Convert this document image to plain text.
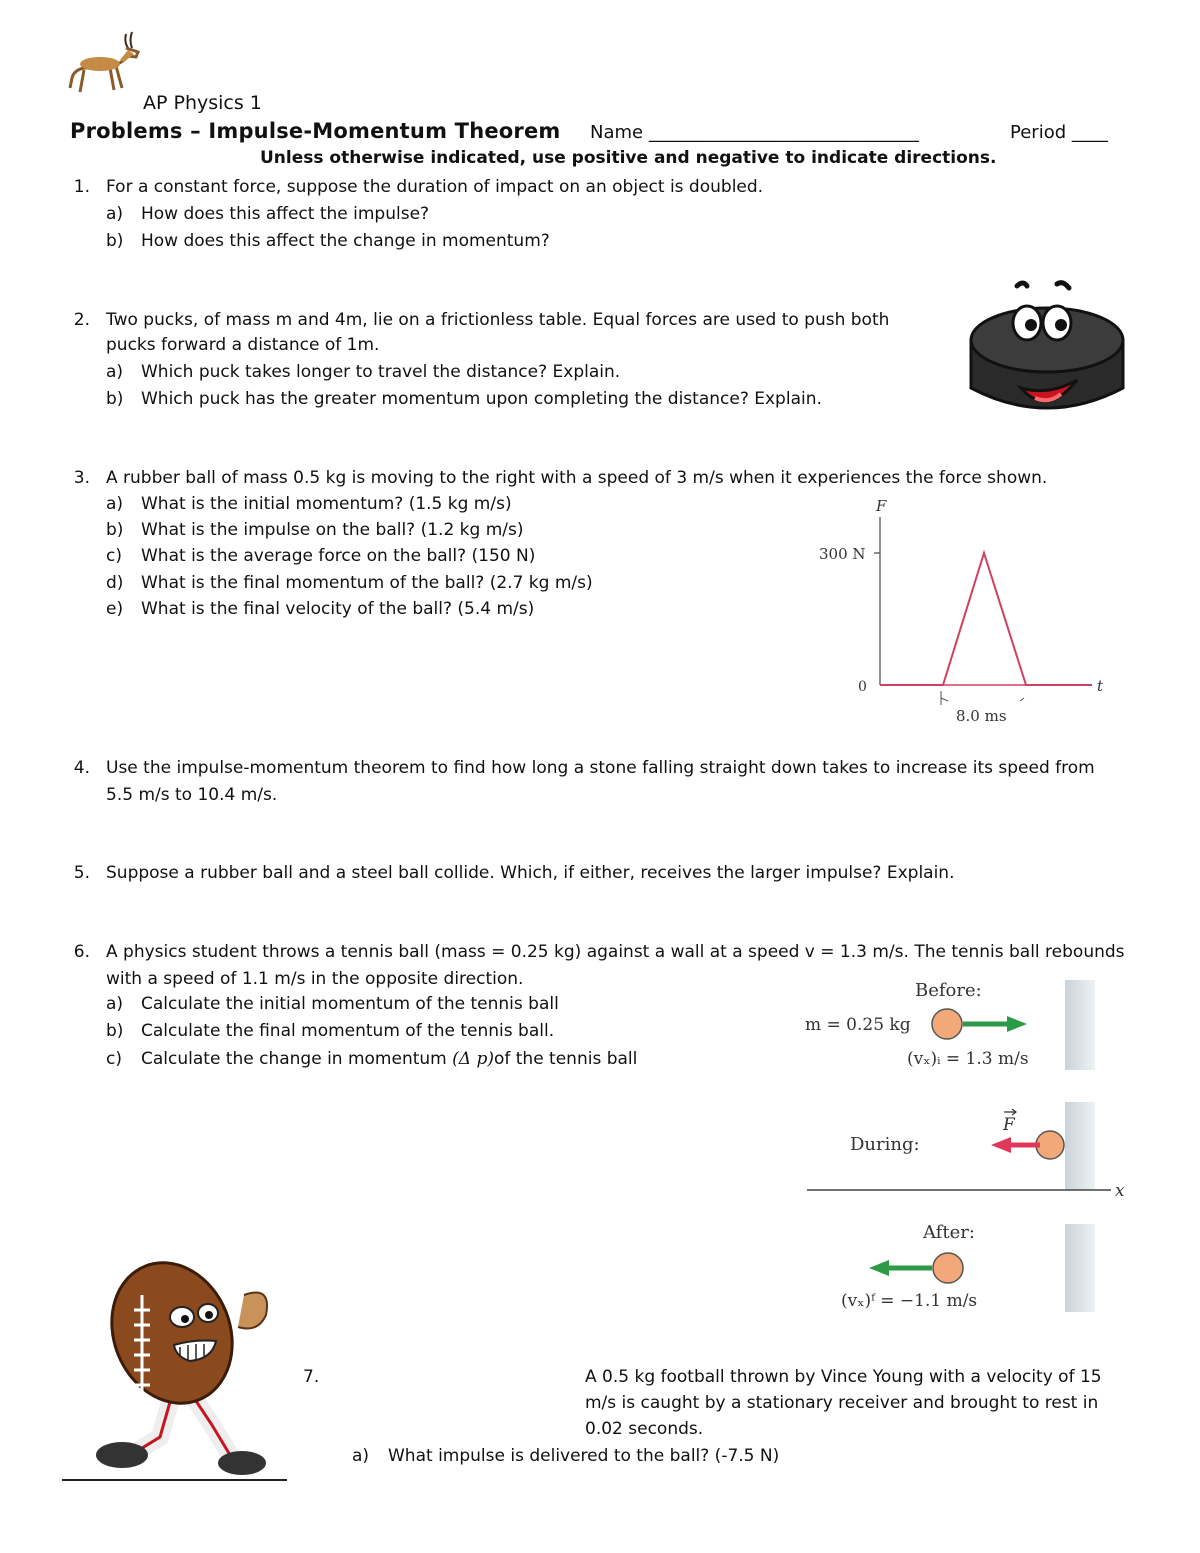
AP Physics 1
Problems – Impulse-Momentum Theorem Name ______________________________	Period ____
Unless otherwise indicated, use positive and negative to indicate directions.
1. For a constant force, suppose the duration of impact on an object is doubled.
a) How does this affect the impulse?
b) How does this affect the change in momentum?
2. Two pucks, of mass m and 4m, lie on a frictionless table. Equal forces are used to push both
pucks forward a distance of 1m.
a) Which puck takes longer to travel the distance? Explain.
b) Which puck has the greater momentum upon completing the distance? Explain.
3. A rubber ball of mass 0.5 kg is moving to the right with a speed of 3 m/s when it experiences the force shown.
a) What is the initial momentum? (1.5 kg m/s)
b) What is the impulse on the ball? (1.2 kg m/s)
c) What is the average force on the ball? (150 N)
d) What is the final momentum of the ball? (2.7 kg m/s)
e) What is the final velocity of the ball? (5.4 m/s)
F
300 N
0	t
8.0 ms
4. Use the impulse-momentum theorem to find how long a stone falling straight down takes to increase its speed from
5.5 m/s to 10.4 m/s.
5. Suppose a rubber ball and a steel ball collide. Which, if either, receives the larger impulse? Explain.
6. A physics student throws a tennis ball (mass = 0.25 kg) against a wall at a speed v = 1.3 m/s. The tennis ball rebounds
with a speed of 1.1 m/s in the opposite direction.
a) Calculate the initial momentum of the tennis ball
b) Calculate the final momentum of the tennis ball.
c) Calculate the change in momentum (Δ p)of the tennis ball
Before:
m = 0.25 kg
(vₓ)ᵢ = 1.3 m/s
During:
F
x
After:
(vₓ)ᶠ = −1.1 m/s
7.	A 0.5 kg football thrown by Vince Young with a velocity of 15
m/s is caught by a stationary receiver and brought to rest in
0.02 seconds.
a) What impulse is delivered to the ball? (-7.5 N)
